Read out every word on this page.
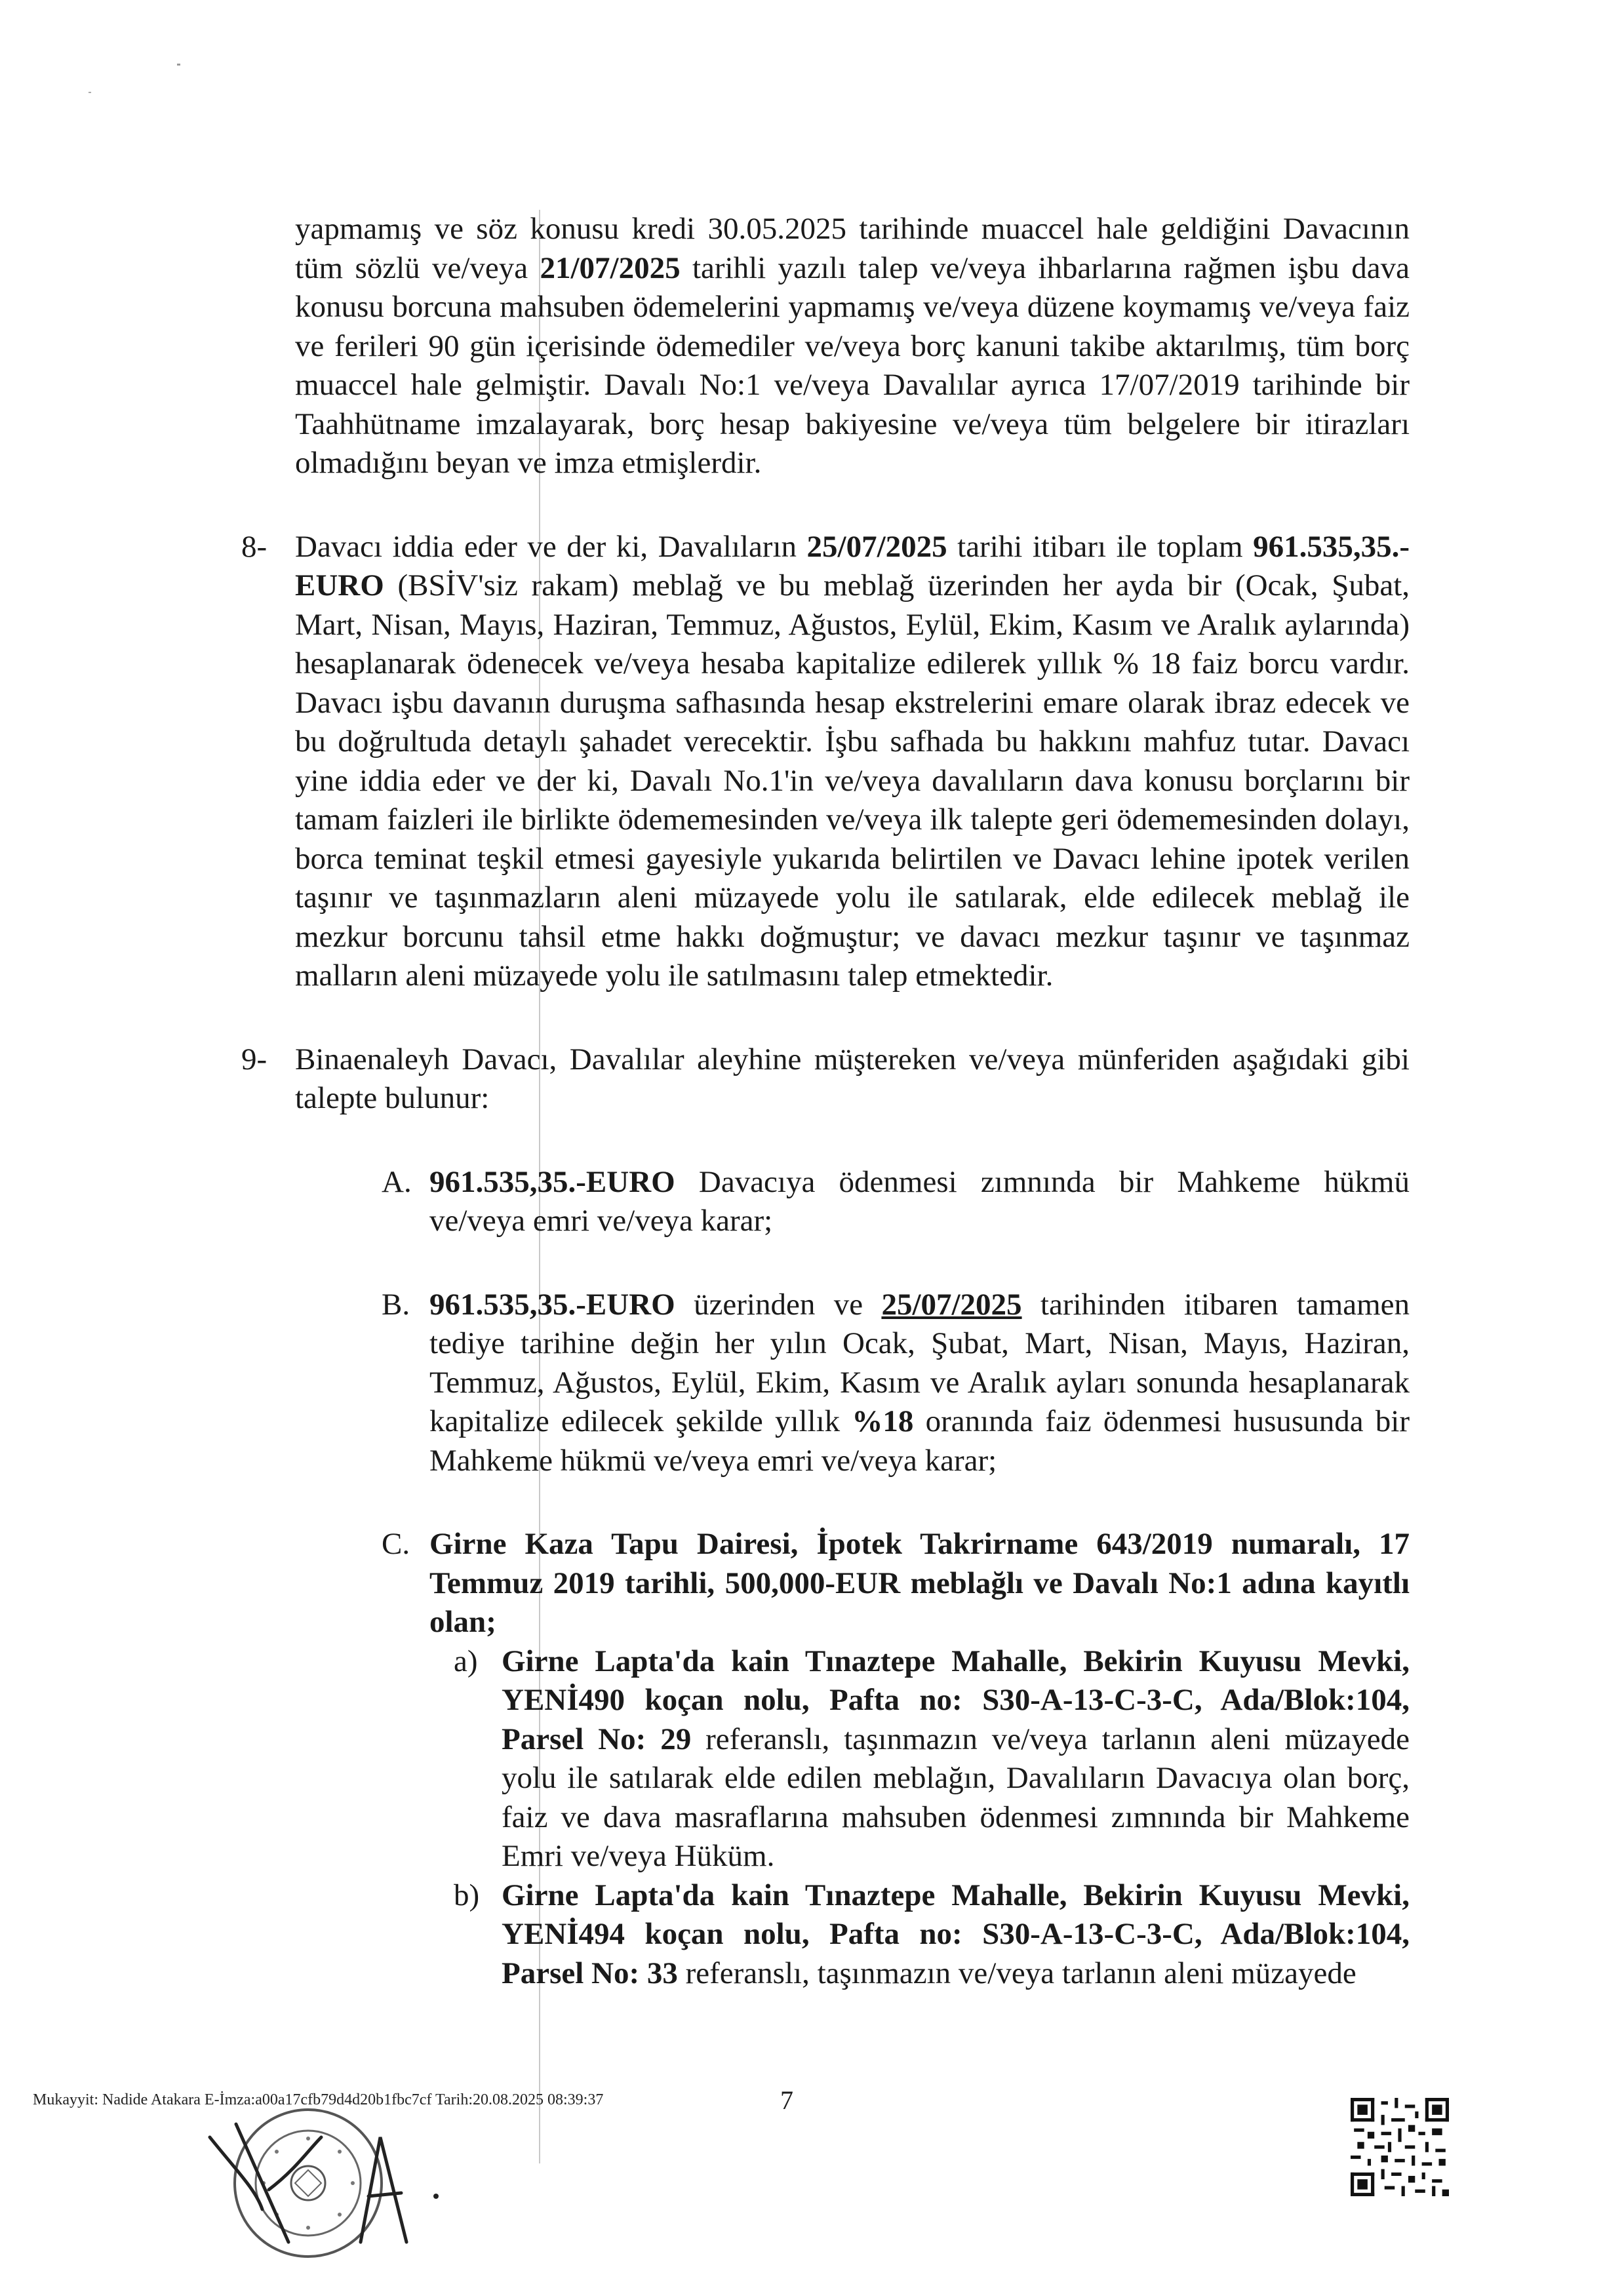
yapmamış ve söz konusu kredi 30.05.2025 tarihinde muaccel hale geldiğini Davacının tüm sözlü ve/veya 21/07/2025 tarihli yazılı talep ve/veya ihbarlarına rağmen işbu dava konusu borcuna mahsuben ödemelerini yapmamış ve/veya düzene koymamış ve/veya faiz ve ferileri 90 gün içerisinde ödemediler ve/veya borç kanuni takibe aktarılmış, tüm borç muaccel hale gelmiştir. Davalı No:1 ve/veya Davalılar ayrıca 17/07/2019 tarihinde bir Taahhütname imzalayarak, borç hesap bakiyesine ve/veya tüm belgelere bir itirazları olmadığını beyan ve imza etmişlerdir.

8- Davacı iddia eder ve der ki, Davalıların 25/07/2025 tarihi itibarı ile toplam 961.535,35.-EURO (BSİV'siz rakam) meblağ ve bu meblağ üzerinden her ayda bir (Ocak, Şubat, Mart, Nisan, Mayıs, Haziran, Temmuz, Ağustos, Eylül, Ekim, Kasım ve Aralık aylarında) hesaplanarak ödenecek ve/veya hesaba kapitalize edilerek yıllık % 18 faiz borcu vardır. Davacı işbu davanın duruşma safhasında hesap ekstrelerini emare olarak ibraz edecek ve bu doğrultuda detaylı şahadet verecektir. İşbu safhada bu hakkını mahfuz tutar. Davacı yine iddia eder ve der ki, Davalı No.1'in ve/veya davalıların dava konusu borçlarını bir tamam faizleri ile birlikte ödememesinden ve/veya ilk talepte geri ödememesinden dolayı, borca teminat teşkil etmesi gayesiyle yukarıda belirtilen ve Davacı lehine ipotek verilen taşınır ve taşınmazların aleni müzayede yolu ile satılarak, elde edilecek meblağ ile mezkur borcunu tahsil etme hakkı doğmuştur; ve davacı mezkur taşınır ve taşınmaz malların aleni müzayede yolu ile satılmasını talep etmektedir.

9- Binaenaleyh Davacı, Davalılar aleyhine müştereken ve/veya münferiden aşağıdaki gibi talepte bulunur:

A. 961.535,35.-EURO Davacıya ödenmesi zımnında bir Mahkeme hükmü ve/veya emri ve/veya karar;

B. 961.535,35.-EURO üzerinden ve 25/07/2025 tarihinden itibaren tamamen tediye tarihine değin her yılın Ocak, Şubat, Mart, Nisan, Mayıs, Haziran, Temmuz, Ağustos, Eylül, Ekim, Kasım ve Aralık ayları sonunda hesaplanarak kapitalize edilecek şekilde yıllık %18 oranında faiz ödenmesi hususunda bir Mahkeme hükmü ve/veya emri ve/veya karar;

C. Girne Kaza Tapu Dairesi, İpotek Takrirname 643/2019 numaralı, 17 Temmuz 2019 tarihli, 500,000-EUR meblağlı ve Davalı No:1 adına kayıtlı olan;

a) Girne Lapta'da kain Tınaztepe Mahalle, Bekirin Kuyusu Mevki, YENİ490 koçan nolu, Pafta no: S30-A-13-C-3-C, Ada/Blok:104, Parsel No: 29 referanslı, taşınmazın ve/veya tarlanın aleni müzayede yolu ile satılarak elde edilen meblağın, Davalıların Davacıya olan borç, faiz ve dava masraflarına mahsuben ödenmesi zımnında bir Mahkeme Emri ve/veya Hüküm.

b) Girne Lapta'da kain Tınaztepe Mahalle, Bekirin Kuyusu Mevki, YENİ494 koçan nolu, Pafta no: S30-A-13-C-3-C, Ada/Blok:104, Parsel No: 33 referanslı, taşınmazın ve/veya tarlanın aleni müzayede

Mukayyit: Nadide Atakara E-İmza:a00a17cfb79d4d20b1fbc7cf Tarih:20.08.2025 08:39:37	7
